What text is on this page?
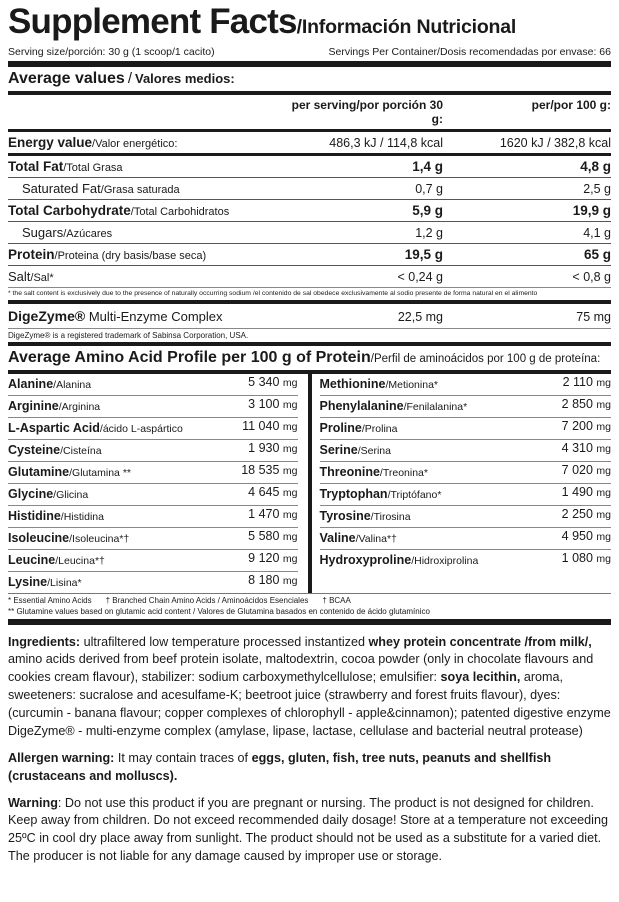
Supplement Facts /Información Nutricional
Serving size/porción: 30 g (1 scoop/1 cacito)	Servings Per Container/Dosis recomendadas por envase: 66
Average values / Valores medios:
	per serving/por porción 30 g:	per/por 100 g:
Energy value/Valor energético:	486,3 kJ / 114,8 kcal	1620 kJ / 382,8 kcal
Total Fat/Total Grasa	1,4 g	4,8 g
Saturated Fat/Grasa saturada	0,7 g	2,5 g
Total Carbohydrate/Total Carbohidratos	5,9 g	19,9 g
Sugars/Azúcares	1,2 g	4,1 g
Protein/Proteina (dry basis/base seca)	19,5 g	65 g
Salt/Sal*	< 0,24 g	< 0,8 g
* the salt content is exclusively due to the presence of naturally occurring sodium /el contenido de sal obedece exclusivamente al sodio presente de forma natural en el alimento
DigeZyme® Multi-Enzyme Complex	22,5 mg	75 mg
DigeZyme® is a registered trademark of Sabinsa Corporation, USA.
Average Amino Acid Profile per 100 g of Protein / Perfil de aminoácidos por 100 g de proteína:
Alanine/Alanina	5 340 mg
Arginine/Arginina	3 100 mg
L-Aspartic Acid/ácido L-aspártico	11 040 mg
Cysteine/Cisteína	1 930 mg
Glutamine/Glutamina **	18 535 mg
Glycine/Glicina	4 645 mg
Histidine/Histidina	1 470 mg
Isoleucine/Isoleucina*†	5 580 mg
Leucine/Leucina*†	9 120 mg
Lysine/Lisina*	8 180 mg

Methionine/Metionina*	2 110 mg
Phenylalanine/Fenilalanina*	2 850 mg
Proline/Prolina	7 200 mg
Serine/Serina	4 310 mg
Threonine/Treonina*	7 020 mg
Tryptophan/Triptófano*	1 490 mg
Tyrosine/Tirosina	2 250 mg
Valine/Valina*†	4 950 mg
Hydroxyproline/Hidroxiprolina	1 080 mg
* Essential Amino Acids † Branched Chain Amino Acids / Aminoácidos Esenciales † BCAA
** Glutamine values based on glutamic acid content / Valores de Glutamina basados en contenido de ácido glutamínico

Ingredients: ultrafiltered low temperature processed instantized whey protein concentrate /from milk/, amino acids derived from beef protein isolate, maltodextrin, cocoa powder (only in chocolate flavours and cookies cream flavour), stabilizer: sodium carboxymethylcellulose; emulsifier: soya lecithin, aroma, sweeteners: sucralose and acesulfame-K; beetroot juice (strawberry and forest fruits flavour), dyes: (curcumin - banana flavour; copper complexes of chlorophyll - apple&cinnamon); patented digestive enzyme DigeZyme® - multi-enzyme complex (amylase, lipase, lactase, cellulase and bacterial neutral protease)

Allergen warning: It may contain traces of eggs, gluten, fish, tree nuts, peanuts and shellfish (crustaceans and molluscs).

Warning: Do not use this product if you are pregnant or nursing. The product is not designed for children. Keep away from children. Do not exceed recommended daily dosage! Store at a temperature not exceeding 25ºC in cool dry place away from sunlight. The product should not be used as a substitute for a varied diet. The producer is not liable for any damage caused by improper use or storage.
